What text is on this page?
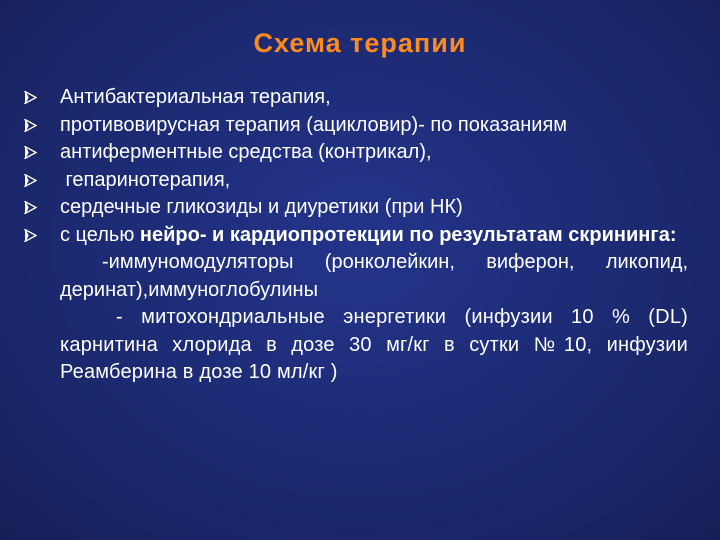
Схема терапии
Антибактериальная терапия,
противовирусная терапия (ацикловир)- по показаниям
антиферментные средства (контрикал),
гепаринотерапия,
сердечные гликозиды и диуретики (при НК)
с целью нейро- и кардиопротекции по результатам скрининга:
-иммуномодуляторы (ронколейкин, виферон, ликопид, деринат),иммуноглобулины
- митохондриальные энергетики (инфузии 10 % (DL) карнитина хлорида в дозе 30 мг/кг в сутки №10, инфузии Реамберина в дозе 10 мл/кг )
